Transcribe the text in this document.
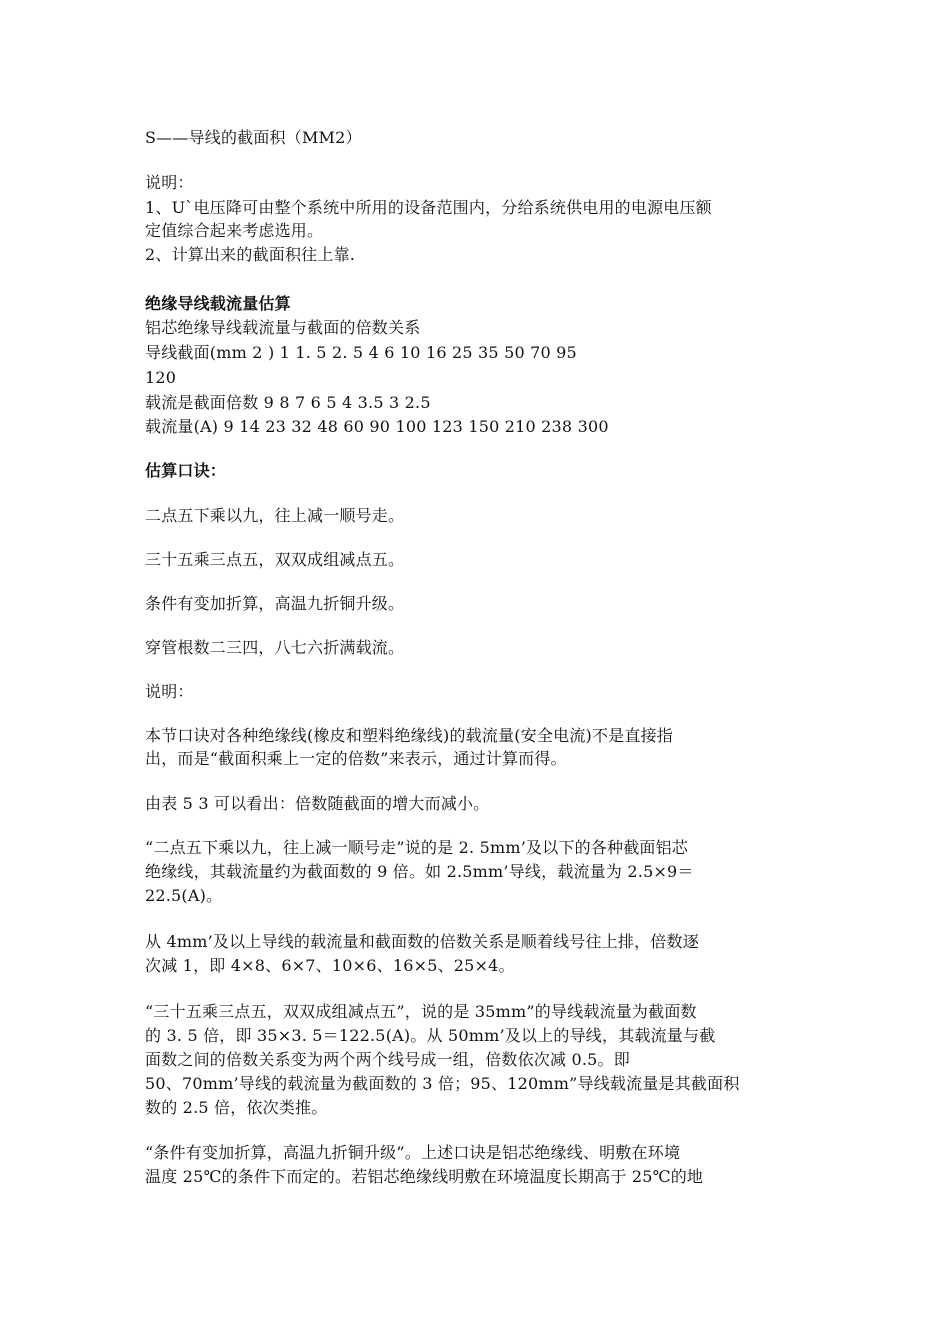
S——导线的截面积（MM2）
说明：
1、U`电压降可由整个系统中所用的设备范围内，分给系统供电用的电源电压额
定值综合起来考虑选用。
2、计算出来的截面积往上靠.
绝缘导线载流量估算
铝芯绝缘导线载流量与截面的倍数关系
导线截面(mm 2 ) 1 1. 5 2. 5 4 6 10 16 25 35 50 70 95
120
载流是截面倍数 9 8 7 6 5 4 3.5 3 2.5
载流量(A) 9 14 23 32 48 60 90 100 123 150 210 238 300
估算口诀：
二点五下乘以九，往上减一顺号走。
三十五乘三点五，双双成组减点五。
条件有变加折算，高温九折铜升级。
穿管根数二三四，八七六折满载流。
说明：
本节口诀对各种绝缘线(橡皮和塑料绝缘线)的载流量(安全电流)不是直接指
出，而是“截面积乘上一定的倍数”来表示，通过计算而得。
由表 5 3 可以看出：倍数随截面的增大而减小。
“二点五下乘以九，往上减一顺号走”说的是 2. 5mm’及以下的各种截面铝芯
绝缘线，其载流量约为截面数的 9 倍。如 2.5mm’导线，载流量为 2.5×9＝
22.5(A)。
从 4mm’及以上导线的载流量和截面数的倍数关系是顺着线号往上排，倍数逐
次减 1，即 4×8、6×7、10×6、16×5、25×4。
“三十五乘三点五，双双成组减点五”，说的是 35mm”的导线载流量为截面数
的 3. 5 倍，即 35×3. 5＝122.5(A)。从 50mm’及以上的导线，其载流量与截
面数之间的倍数关系变为两个两个线号成一组，倍数依次减 0.5。即
50、70mm’导线的载流量为截面数的 3 倍；95、120mm”导线载流量是其截面积
数的 2.5 倍，依次类推。
“条件有变加折算，高温九折铜升级”。上述口诀是铝芯绝缘线、明敷在环境
温度 25℃的条件下而定的。若铝芯绝缘线明敷在环境温度长期高于 25℃的地
